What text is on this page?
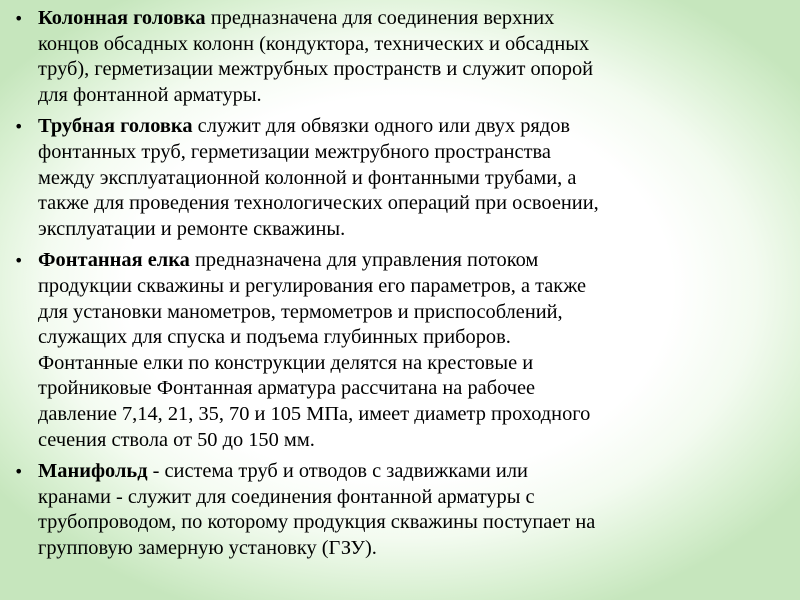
• Колонная головка предназначена для соединения верхних
концов обсадных колонн (кондуктора, технических и обсадных
труб), герметизации межтрубных пространств и служит опорой
для фонтанной арматуры.
• Трубная головка служит для обвязки одного или двух рядов
фонтанных труб, герметизации межтрубного пространства
между эксплуатационной колонной и фонтанными трубами, а
также для проведения технологических операций при освоении,
эксплуатации и ремонте скважины.
• Фонтанная елка предназначена для управления потоком
продукции скважины и регулирования его параметров, а также
для установки манометров, термометров и приспособлений,
служащих для спуска и подъема глубинных приборов.
Фонтанные елки по конструкции делятся на крестовые и
тройниковые Фонтанная арматура рассчитана на рабочее
давление 7,14, 21, 35, 70 и 105 МПа, имеет диаметр проходного
сечения ствола от 50 до 150 мм.
• Манифольд - система труб и отводов с задвижками или
кранами - служит для соединения фонтанной арматуры с
трубопроводом, по которому продукция скважины поступает на
групповую замерную установку (ГЗУ).
